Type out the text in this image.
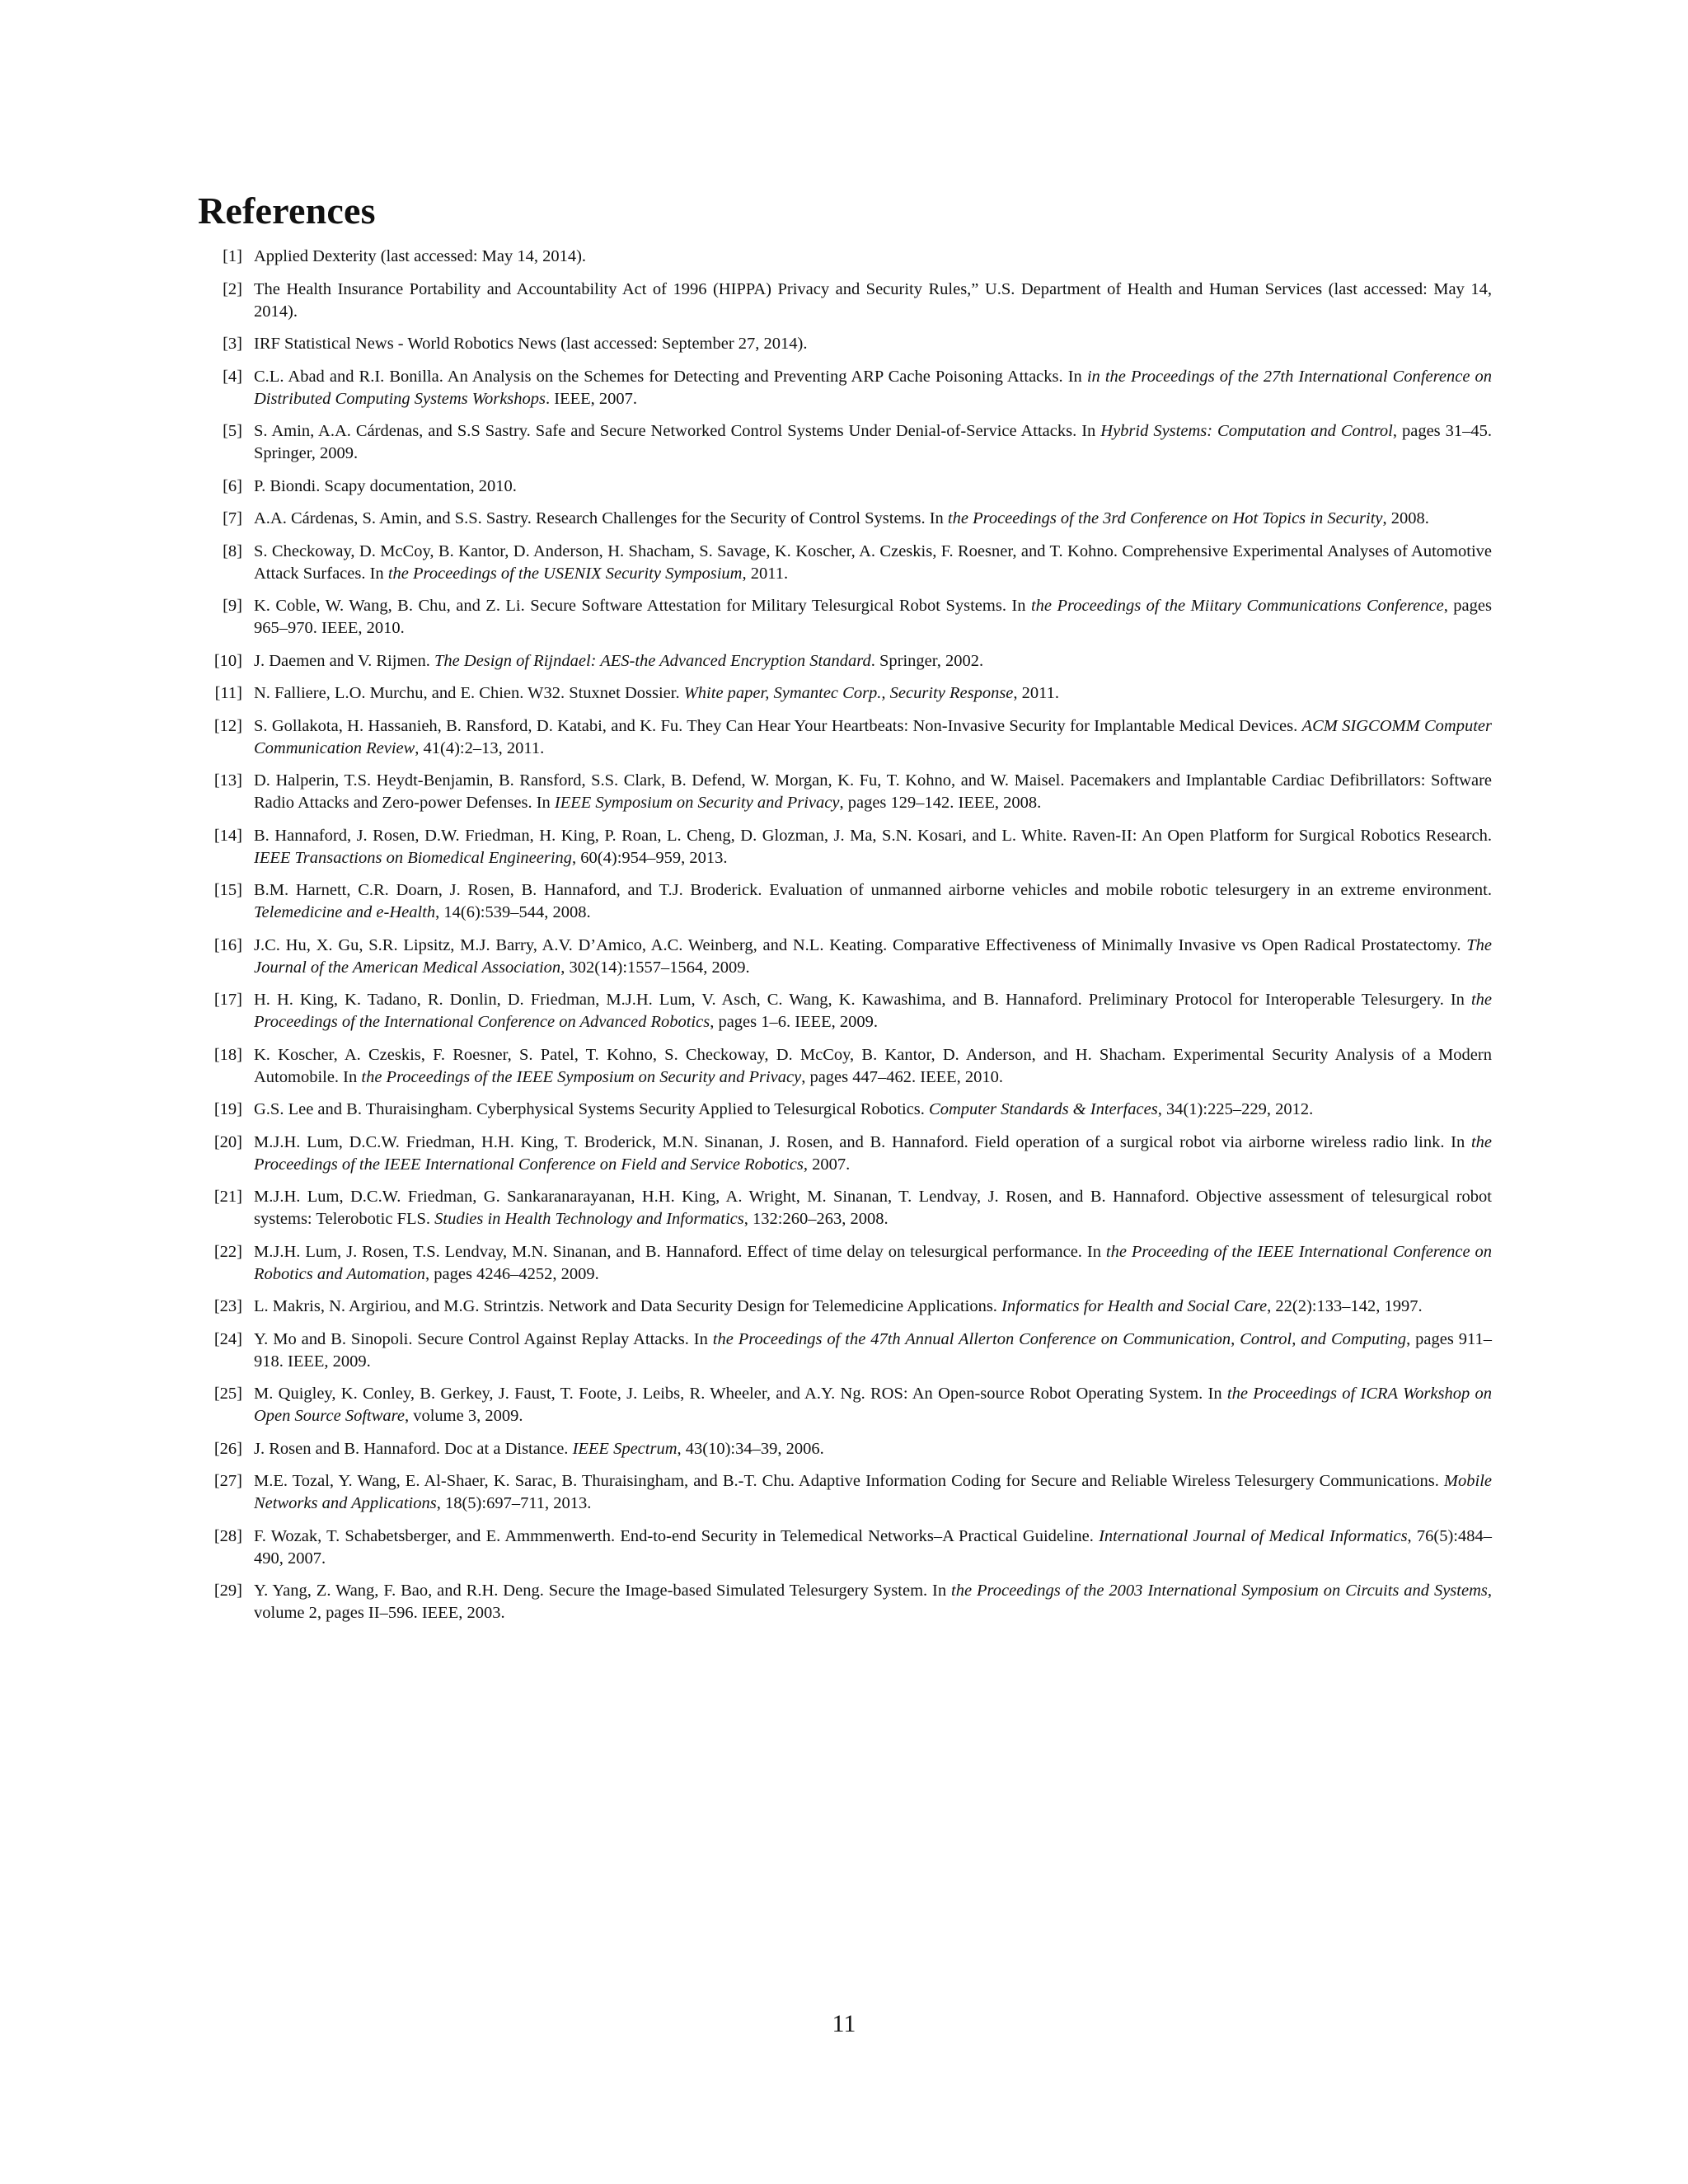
References
[1] Applied Dexterity (last accessed: May 14, 2014).
[2] The Health Insurance Portability and Accountability Act of 1996 (HIPPA) Privacy and Security Rules,” U.S. Department of Health and Human Services (last accessed: May 14, 2014).
[3] IRF Statistical News - World Robotics News (last accessed: September 27, 2014).
[4] C.L. Abad and R.I. Bonilla. An Analysis on the Schemes for Detecting and Preventing ARP Cache Poisoning Attacks. In in the Proceedings of the 27th International Conference on Distributed Computing Systems Workshops. IEEE, 2007.
[5] S. Amin, A.A. Cárdenas, and S.S Sastry. Safe and Secure Networked Control Systems Under Denial-of-Service Attacks. In Hybrid Systems: Computation and Control, pages 31–45. Springer, 2009.
[6] P. Biondi. Scapy documentation, 2010.
[7] A.A. Cárdenas, S. Amin, and S.S. Sastry. Research Challenges for the Security of Control Systems. In the Proceedings of the 3rd Conference on Hot Topics in Security, 2008.
[8] S. Checkoway, D. McCoy, B. Kantor, D. Anderson, H. Shacham, S. Savage, K. Koscher, A. Czeskis, F. Roesner, and T. Kohno. Comprehensive Experimental Analyses of Automotive Attack Surfaces. In the Proceedings of the USENIX Security Symposium, 2011.
[9] K. Coble, W. Wang, B. Chu, and Z. Li. Secure Software Attestation for Military Telesurgical Robot Systems. In the Proceedings of the Miitary Communications Conference, pages 965–970. IEEE, 2010.
[10] J. Daemen and V. Rijmen. The Design of Rijndael: AES-the Advanced Encryption Standard. Springer, 2002.
[11] N. Falliere, L.O. Murchu, and E. Chien. W32. Stuxnet Dossier. White paper, Symantec Corp., Security Response, 2011.
[12] S. Gollakota, H. Hassanieh, B. Ransford, D. Katabi, and K. Fu. They Can Hear Your Heartbeats: Non-Invasive Security for Implantable Medical Devices. ACM SIGCOMM Computer Communication Review, 41(4):2–13, 2011.
[13] D. Halperin, T.S. Heydt-Benjamin, B. Ransford, S.S. Clark, B. Defend, W. Morgan, K. Fu, T. Kohno, and W. Maisel. Pacemakers and Implantable Cardiac Defibrillators: Software Radio Attacks and Zero-power Defenses. In IEEE Symposium on Security and Privacy, pages 129–142. IEEE, 2008.
[14] B. Hannaford, J. Rosen, D.W. Friedman, H. King, P. Roan, L. Cheng, D. Glozman, J. Ma, S.N. Kosari, and L. White. Raven-II: An Open Platform for Surgical Robotics Research. IEEE Transactions on Biomedical Engineering, 60(4):954–959, 2013.
[15] B.M. Harnett, C.R. Doarn, J. Rosen, B. Hannaford, and T.J. Broderick. Evaluation of unmanned airborne vehicles and mobile robotic telesurgery in an extreme environment. Telemedicine and e-Health, 14(6):539–544, 2008.
[16] J.C. Hu, X. Gu, S.R. Lipsitz, M.J. Barry, A.V. D’Amico, A.C. Weinberg, and N.L. Keating. Comparative Effectiveness of Minimally Invasive vs Open Radical Prostatectomy. The Journal of the American Medical Association, 302(14):1557–1564, 2009.
[17] H. H. King, K. Tadano, R. Donlin, D. Friedman, M.J.H. Lum, V. Asch, C. Wang, K. Kawashima, and B. Hannaford. Preliminary Protocol for Interoperable Telesurgery. In the Proceedings of the International Conference on Advanced Robotics, pages 1–6. IEEE, 2009.
[18] K. Koscher, A. Czeskis, F. Roesner, S. Patel, T. Kohno, S. Checkoway, D. McCoy, B. Kantor, D. Anderson, and H. Shacham. Experimental Security Analysis of a Modern Automobile. In the Proceedings of the IEEE Symposium on Security and Privacy, pages 447–462. IEEE, 2010.
[19] G.S. Lee and B. Thuraisingham. Cyberphysical Systems Security Applied to Telesurgical Robotics. Computer Standards & Interfaces, 34(1):225–229, 2012.
[20] M.J.H. Lum, D.C.W. Friedman, H.H. King, T. Broderick, M.N. Sinanan, J. Rosen, and B. Hannaford. Field operation of a surgical robot via airborne wireless radio link. In the Proceedings of the IEEE International Conference on Field and Service Robotics, 2007.
[21] M.J.H. Lum, D.C.W. Friedman, G. Sankaranarayanan, H.H. King, A. Wright, M. Sinanan, T. Lendvay, J. Rosen, and B. Hannaford. Objective assessment of telesurgical robot systems: Telerobotic FLS. Studies in Health Technology and Informatics, 132:260–263, 2008.
[22] M.J.H. Lum, J. Rosen, T.S. Lendvay, M.N. Sinanan, and B. Hannaford. Effect of time delay on telesurgical performance. In the Proceeding of the IEEE International Conference on Robotics and Automation, pages 4246–4252, 2009.
[23] L. Makris, N. Argiriou, and M.G. Strintzis. Network and Data Security Design for Telemedicine Applications. Informatics for Health and Social Care, 22(2):133–142, 1997.
[24] Y. Mo and B. Sinopoli. Secure Control Against Replay Attacks. In the Proceedings of the 47th Annual Allerton Conference on Communication, Control, and Computing, pages 911–918. IEEE, 2009.
[25] M. Quigley, K. Conley, B. Gerkey, J. Faust, T. Foote, J. Leibs, R. Wheeler, and A.Y. Ng. ROS: An Open-source Robot Operating System. In the Proceedings of ICRA Workshop on Open Source Software, volume 3, 2009.
[26] J. Rosen and B. Hannaford. Doc at a Distance. IEEE Spectrum, 43(10):34–39, 2006.
[27] M.E. Tozal, Y. Wang, E. Al-Shaer, K. Sarac, B. Thuraisingham, and B.-T. Chu. Adaptive Information Coding for Secure and Reliable Wireless Telesurgery Communications. Mobile Networks and Applications, 18(5):697–711, 2013.
[28] F. Wozak, T. Schabetsberger, and E. Ammmenwerth. End-to-end Security in Telemedical Networks–A Practical Guideline. International Journal of Medical Informatics, 76(5):484–490, 2007.
[29] Y. Yang, Z. Wang, F. Bao, and R.H. Deng. Secure the Image-based Simulated Telesurgery System. In the Proceedings of the 2003 International Symposium on Circuits and Systems, volume 2, pages II–596. IEEE, 2003.
11
